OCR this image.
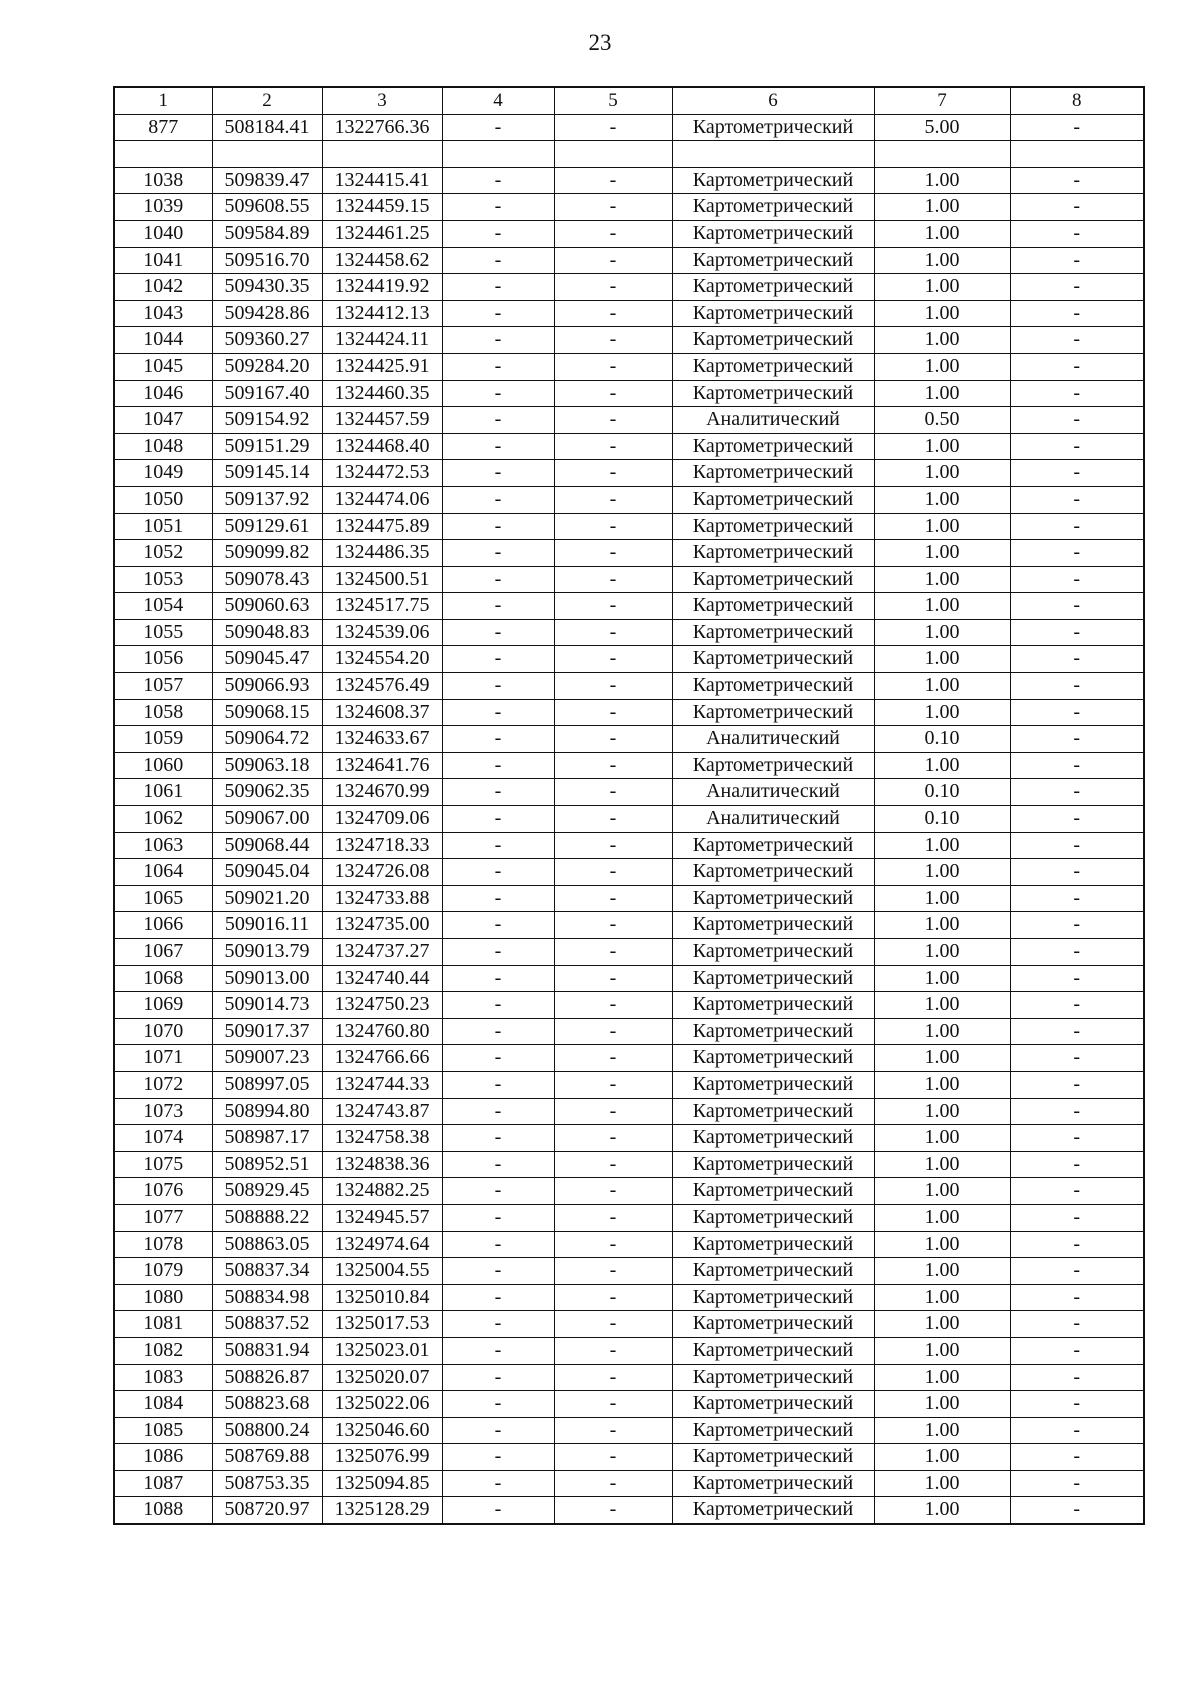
23
1	2	3	4	5	6	7	8
877	508184.41	1322766.36	-	-	Картометрический	5.00	-

1038	509839.47	1324415.41	-	-	Картометрический	1.00	-
1039	509608.55	1324459.15	-	-	Картометрический	1.00	-
1040	509584.89	1324461.25	-	-	Картометрический	1.00	-
1041	509516.70	1324458.62	-	-	Картометрический	1.00	-
1042	509430.35	1324419.92	-	-	Картометрический	1.00	-
1043	509428.86	1324412.13	-	-	Картометрический	1.00	-
1044	509360.27	1324424.11	-	-	Картометрический	1.00	-
1045	509284.20	1324425.91	-	-	Картометрический	1.00	-
1046	509167.40	1324460.35	-	-	Картометрический	1.00	-
1047	509154.92	1324457.59	-	-	Аналитический	0.50	-
1048	509151.29	1324468.40	-	-	Картометрический	1.00	-
1049	509145.14	1324472.53	-	-	Картометрический	1.00	-
1050	509137.92	1324474.06	-	-	Картометрический	1.00	-
1051	509129.61	1324475.89	-	-	Картометрический	1.00	-
1052	509099.82	1324486.35	-	-	Картометрический	1.00	-
1053	509078.43	1324500.51	-	-	Картометрический	1.00	-
1054	509060.63	1324517.75	-	-	Картометрический	1.00	-
1055	509048.83	1324539.06	-	-	Картометрический	1.00	-
1056	509045.47	1324554.20	-	-	Картометрический	1.00	-
1057	509066.93	1324576.49	-	-	Картометрический	1.00	-
1058	509068.15	1324608.37	-	-	Картометрический	1.00	-
1059	509064.72	1324633.67	-	-	Аналитический	0.10	-
1060	509063.18	1324641.76	-	-	Картометрический	1.00	-
1061	509062.35	1324670.99	-	-	Аналитический	0.10	-
1062	509067.00	1324709.06	-	-	Аналитический	0.10	-
1063	509068.44	1324718.33	-	-	Картометрический	1.00	-
1064	509045.04	1324726.08	-	-	Картометрический	1.00	-
1065	509021.20	1324733.88	-	-	Картометрический	1.00	-
1066	509016.11	1324735.00	-	-	Картометрический	1.00	-
1067	509013.79	1324737.27	-	-	Картометрический	1.00	-
1068	509013.00	1324740.44	-	-	Картометрический	1.00	-
1069	509014.73	1324750.23	-	-	Картометрический	1.00	-
1070	509017.37	1324760.80	-	-	Картометрический	1.00	-
1071	509007.23	1324766.66	-	-	Картометрический	1.00	-
1072	508997.05	1324744.33	-	-	Картометрический	1.00	-
1073	508994.80	1324743.87	-	-	Картометрический	1.00	-
1074	508987.17	1324758.38	-	-	Картометрический	1.00	-
1075	508952.51	1324838.36	-	-	Картометрический	1.00	-
1076	508929.45	1324882.25	-	-	Картометрический	1.00	-
1077	508888.22	1324945.57	-	-	Картометрический	1.00	-
1078	508863.05	1324974.64	-	-	Картометрический	1.00	-
1079	508837.34	1325004.55	-	-	Картометрический	1.00	-
1080	508834.98	1325010.84	-	-	Картометрический	1.00	-
1081	508837.52	1325017.53	-	-	Картометрический	1.00	-
1082	508831.94	1325023.01	-	-	Картометрический	1.00	-
1083	508826.87	1325020.07	-	-	Картометрический	1.00	-
1084	508823.68	1325022.06	-	-	Картометрический	1.00	-
1085	508800.24	1325046.60	-	-	Картометрический	1.00	-
1086	508769.88	1325076.99	-	-	Картометрический	1.00	-
1087	508753.35	1325094.85	-	-	Картометрический	1.00	-
1088	508720.97	1325128.29	-	-	Картометрический	1.00	-
